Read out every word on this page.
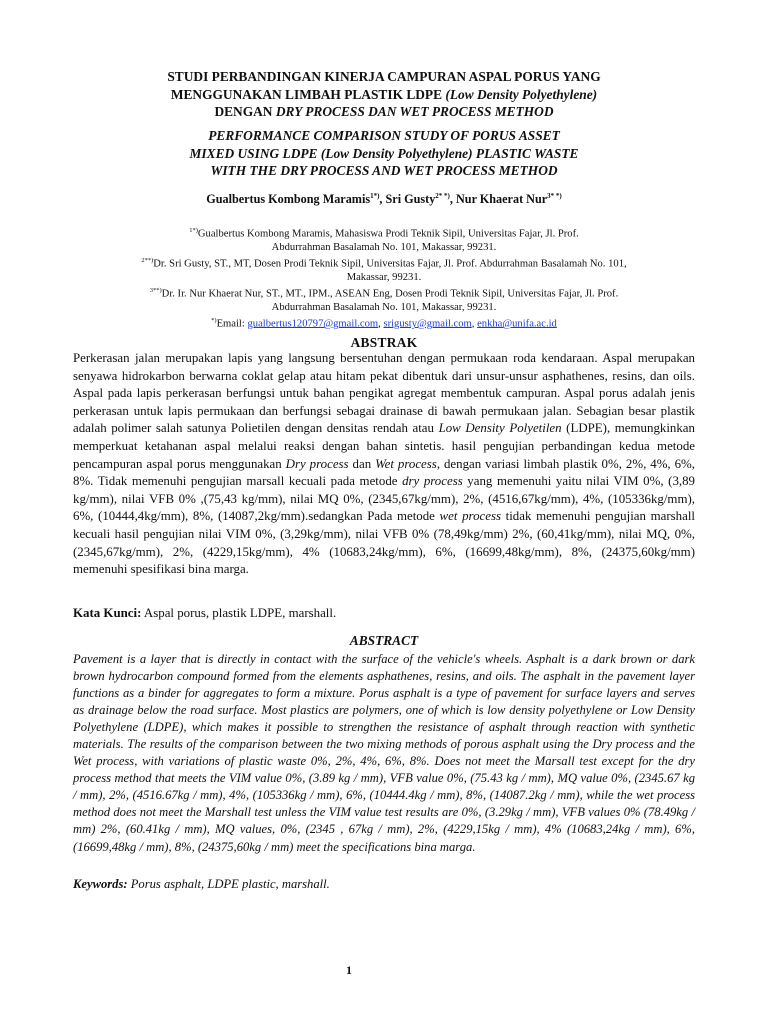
STUDI PERBANDINGAN KINERJA CAMPURAN ASPAL PORUS YANG
MENGGUNAKAN LIMBAH PLASTIK LDPE (Low Density Polyethylene)
DENGAN DRY PROCESS DAN WET PROCESS METHOD
PERFORMANCE COMPARISON STUDY OF PORUS ASSET
MIXED USING LDPE (Low Density Polyethylene) PLASTIC WASTE
WITH THE DRY PROCESS AND WET PROCESS METHOD
Gualbertus Kombong Maramis$^{1*)}$, Sri Gusty$^{2* *)}$, Nur Khaerat Nur$^{3* *)}$
$^{1*)}$Gualbertus Kombong Maramis, Mahasiswa Prodi Teknik Sipil, Universitas Fajar, Jl. Prof.
Abdurrahman Basalamah No. 101, Makassar, 99231.
$^{2**)}$Dr. Sri Gusty, ST., MT, Dosen Prodi Teknik Sipil, Universitas Fajar, Jl. Prof. Abdurrahman Basalamah No. 101,
Makassar, 99231.
$^{3**)}$Dr. Ir. Nur Khaerat Nur, ST., MT., IPM., ASEAN Eng, Dosen Prodi Teknik Sipil, Universitas Fajar, Jl. Prof.
Abdurrahman Basalamah No. 101, Makassar, 99231.
*)Email: gualbertus120797@gmail.com, srigusty@gmail.com, enkha@unifa.ac.id
ABSTRAK

Perkerasan jalan merupakan lapis yang langsung bersentuhan dengan permukaan roda kendaraan. Aspal merupakan senyawa hidrokarbon berwarna coklat gelap atau hitam pekat dibentuk dari unsur-unsur asphathenes, resins, dan oils. Aspal pada lapis perkerasan berfungsi untuk bahan pengikat agregat membentuk campuran. Aspal porus adalah jenis perkerasan untuk lapis permukaan dan berfungsi sebagai drainase di bawah permukaan jalan. Sebagian besar plastik adalah polimer salah satunya Polietilen dengan densitas rendah atau Low Density Polyetilen (LDPE), memungkinkan memperkuat ketahanan aspal melalui reaksi dengan bahan sintetis. hasil pengujian perbandingan kedua metode pencampuran aspal porus menggunakan Dry process dan Wet process, dengan variasi limbah plastik 0%, 2%, 4%, 6%, 8%. Tidak memenuhi pengujian marsall kecuali pada metode dry process yang memenuhi yaitu nilai VIM 0%, (3,89 kg/mm), nilai VFB 0% ,(75,43 kg/mm), nilai MQ 0%, (2345,67kg/mm), 2%, (4516,67kg/mm), 4%, (105336kg/mm), 6%, (10444,4kg/mm), 8%, (14087,2kg/mm).sedangkan Pada metode wet process tidak memenuhi pengujian marshall kecuali hasil pengujian nilai VIM 0%, (3,29kg/mm), nilai VFB 0% (78,49kg/mm) 2%, (60,41kg/mm), nilai MQ, 0%, (2345,67kg/mm), 2%, (4229,15kg/mm), 4% (10683,24kg/mm), 6%, (16699,48kg/mm), 8%, (24375,60kg/mm) memenuhi spesifikasi bina marga.

Kata Kunci: Aspal porus, plastik LDPE, marshall.

ABSTRACT

Pavement is a layer that is directly in contact with the surface of the vehicle's wheels. Asphalt is a dark brown or dark brown hydrocarbon compound formed from the elements asphathenes, resins, and oils. The asphalt in the pavement layer functions as a binder for aggregates to form a mixture. Porus asphalt is a type of pavement for surface layers and serves as drainage below the road surface. Most plastics are polymers, one of which is low density polyethylene or Low Density Polyethylene (LDPE), which makes it possible to strengthen the resistance of asphalt through reaction with synthetic materials. The results of the comparison between the two mixing methods of porous asphalt using the Dry process and the Wet process, with variations of plastic waste 0%, 2%, 4%, 6%, 8%. Does not meet the Marsall test except for the dry process method that meets the VIM value 0%, (3.89 kg / mm), VFB value 0%, (75.43 kg / mm), MQ value 0%, (2345.67 kg / mm), 2%, (4516.67kg / mm), 4%, (105336kg / mm), 6%, (10444.4kg / mm), 8%, (14087.2kg / mm), while the wet process method does not meet the Marshall test unless the VIM value test results are 0%, (3.29kg / mm), VFB values 0% (78.49kg / mm) 2%, (60.41kg / mm), MQ values, 0%, (2345 , 67kg / mm), 2%, (4229,15kg / mm), 4% (10683,24kg / mm), 6%, (16699,48kg / mm), 8%, (24375,60kg / mm) meet the specifications bina marga.

Keywords: Porus asphalt, LDPE plastic, marshall.

1
